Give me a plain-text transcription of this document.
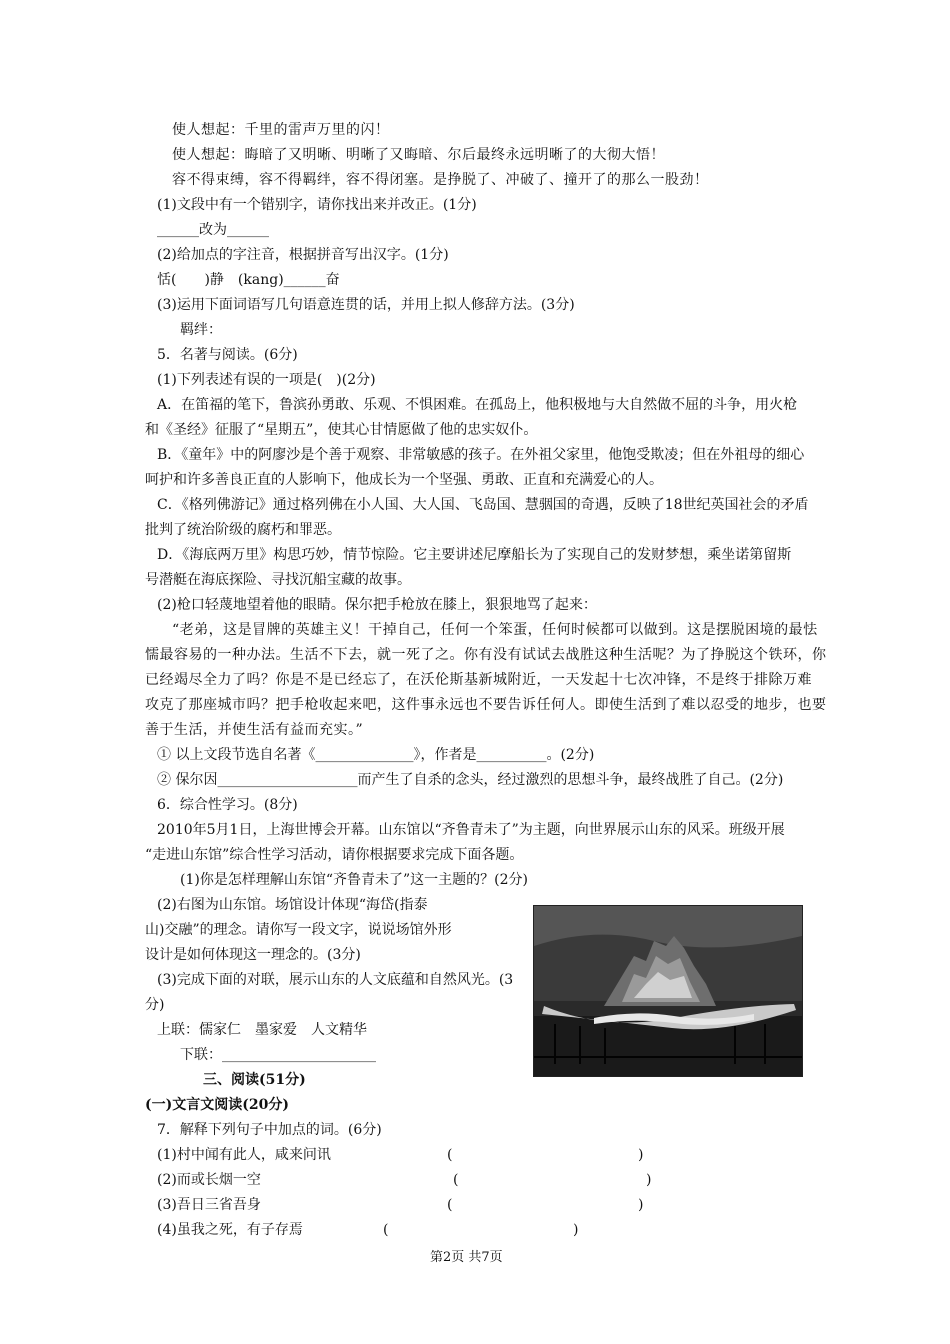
使人想起：千里的雷声万里的闪！
使人想起：晦暗了又明晰、明晰了又晦暗、尔后最终永远明晰了的大彻大悟！
容不得束缚，容不得羁绊，容不得闭塞。是挣脱了、冲破了、撞开了的那么一股劲！
(1)文段中有一个错别字，请你找出来并改正。(1分)
______改为______
(2)给加点的字注音，根据拼音写出汉字。(1分)
恬(　　)静　(kang)______奋
(3)运用下面词语写几句语意连贯的话，并用上拟人修辞方法。(3分)
羁绊：
5．名著与阅读。(6分)
(1)下列表述有误的一项是(　)(2分)
A．在笛福的笔下，鲁滨孙勇敢、乐观、不惧困难。在孤岛上，他积极地与大自然做不屈的斗争，用火枪
和《圣经》征服了“星期五”，使其心甘情愿做了他的忠实奴仆。
B．《童年》中的阿廖沙是个善于观察、非常敏感的孩子。在外祖父家里，他饱受欺凌；但在外祖母的细心
呵护和许多善良正直的人影响下，他成长为一个坚强、勇敢、正直和充满爱心的人。
C．《格列佛游记》通过格列佛在小人国、大人国、飞岛国、慧骃国的奇遇，反映了18世纪英国社会的矛盾
批判了统治阶级的腐朽和罪恶。
D．《海底两万里》构思巧妙，情节惊险。它主要讲述尼摩船长为了实现自己的发财梦想，乘坐诺第留斯
号潜艇在海底探险、寻找沉船宝藏的故事。
(2)枪口轻蔑地望着他的眼睛。保尔把手枪放在膝上，狠狠地骂了起来：
“老弟，这是冒牌的英雄主义！干掉自己，任何一个笨蛋，任何时候都可以做到。这是摆脱困境的最怯
懦最容易的一种办法。生活不下去，就一死了之。你有没有试试去战胜这种生活呢？为了挣脱这个铁环，你
已经竭尽全力了吗？你是不是已经忘了，在沃伦斯基新城附近，一天发起十七次冲锋，不是终于排除万难
攻克了那座城市吗？把手枪收起来吧，这件事永远也不要告诉任何人。即使生活到了难以忍受的地步，也要
善于生活，并使生活有益而充实。”
① 以上文段节选自名著《______________》，作者是__________。(2分)
② 保尔因____________________而产生了自杀的念头，经过激烈的思想斗争，最终战胜了自己。(2分)
6．综合性学习。(8分)
2010年5月1日，上海世博会开幕。山东馆以“齐鲁青未了”为主题，向世界展示山东的风采。班级开展
“走进山东馆”综合性学习活动，请你根据要求完成下面各题。
(1)你是怎样理解山东馆“齐鲁青未了”这一主题的？(2分)
(2)右图为山东馆。场馆设计体现“海岱(指泰
山)交融”的理念。请你写一段文字，说说场馆外形
设计是如何体现这一理念的。(3分)
(3)完成下面的对联，展示山东的人文底蕴和自然风光。(3
分)
上联：儒家仁　墨家爱　人文精华
下联：______________________
三、阅读(51分)
(一)文言文阅读(20分)
7．解释下列句子中加点的词。(6分)
(1)村中闻有此人，咸来问讯	(	)
(2)而或长烟一空	(	)
(3)吾日三省吾身	(	)
(4)虽我之死，有子存焉	(	)
第2页 共7页
